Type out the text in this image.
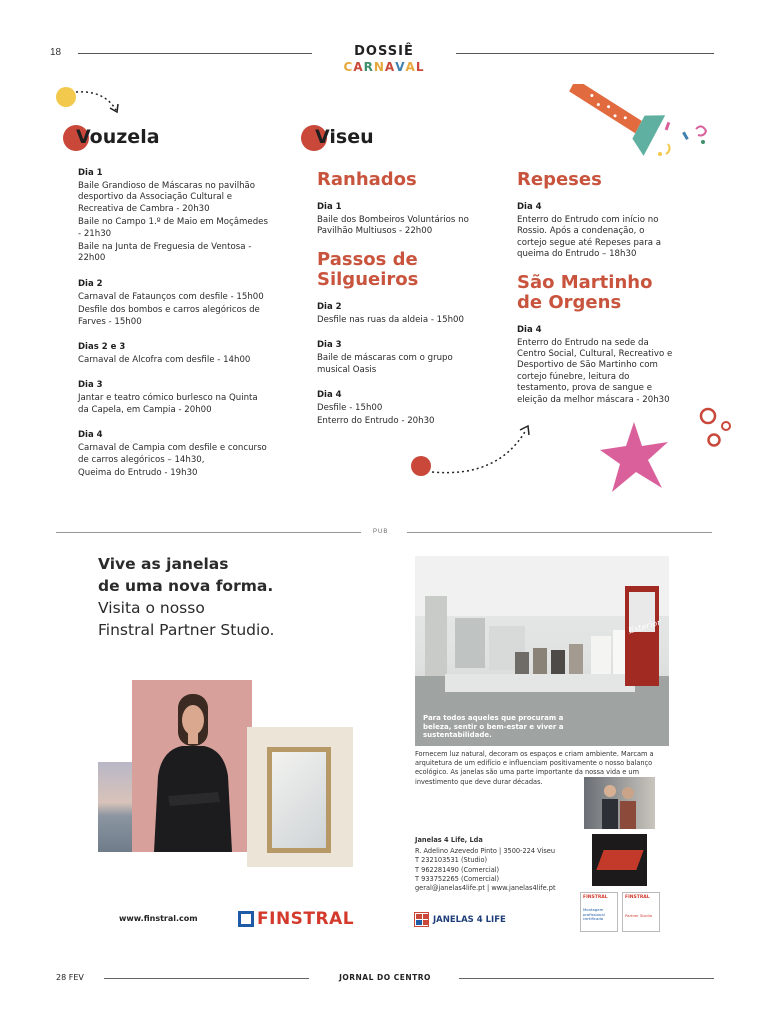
18	DOSSIÊ
CARNAVAL
Vouzela
Dia 1
Baile Grandioso de Máscaras no pavilhão desportivo da Associação Cultural e Recreativa de Cambra - 20h30
Baile no Campo 1.º de Maio em Moçâmedes - 21h30
Baile na Junta de Freguesia de Ventosa - 22h00
Dia 2
Carnaval de Fataunços com desfile - 15h00
Desfile dos bombos e carros alegóricos de Farves - 15h00
Dias 2 e 3
Carnaval de Alcofra com desfile - 14h00
Dia 3
Jantar e teatro cómico burlesco na Quinta da Capela, em Campia - 20h00
Dia 4
Carnaval de Campia com desfile e concurso de carros alegóricos – 14h30,
Queima do Entrudo - 19h30
Viseu
Ranhados
Dia 1
Baile dos Bombeiros Voluntários no Pavilhão Multiusos - 22h00
Passos de Silgueiros
Dia 2
Desfile nas ruas da aldeia - 15h00
Dia 3
Baile de máscaras com o grupo musical Oasis
Dia 4
Desfile - 15h00
Enterro do Entrudo - 20h30
Repeses
Dia 4
Enterro do Entrudo com início no Rossio. Após a condenação, o cortejo segue até Repeses para a queima do Entrudo – 18h30
São Martinho de Orgens
Dia 4
Enterro do Entrudo na sede da Centro Social, Cultural, Recreativo e Desportivo de São Martinho com cortejo fúnebre, leitura do testamento, prova de sangue e eleição da melhor máscara - 20h30
PUB
Vive as janelas
de uma nova forma.
Visita o nosso
Finstral Partner Studio.
www.finstral.com	FINSTRAL
Exterior
Para todos aqueles que procuram a beleza, sentir o bem-estar e viver a sustentabilidade.
Fornecem luz natural, decoram os espaços e criam ambiente. Marcam a arquitetura de um edifício e influenciam positivamente o nosso balanço ecológico. As janelas são uma parte importante da nossa vida e um investimento que deve durar décadas.
Janelas 4 Life, Lda
R. Adelino Azevedo Pinto | 3500-224 Viseu
T 232103531 (Studio)
T 962281490 (Comercial)
T 933752265 (Comercial)
geral@janelas4life.pt | www.janelas4life.pt
FINSTRAL
Montagem profissional certificada
FINSTRAL
Partner Studio
JANELAS 4 LIFE
28 FEV	JORNAL DO CENTRO
